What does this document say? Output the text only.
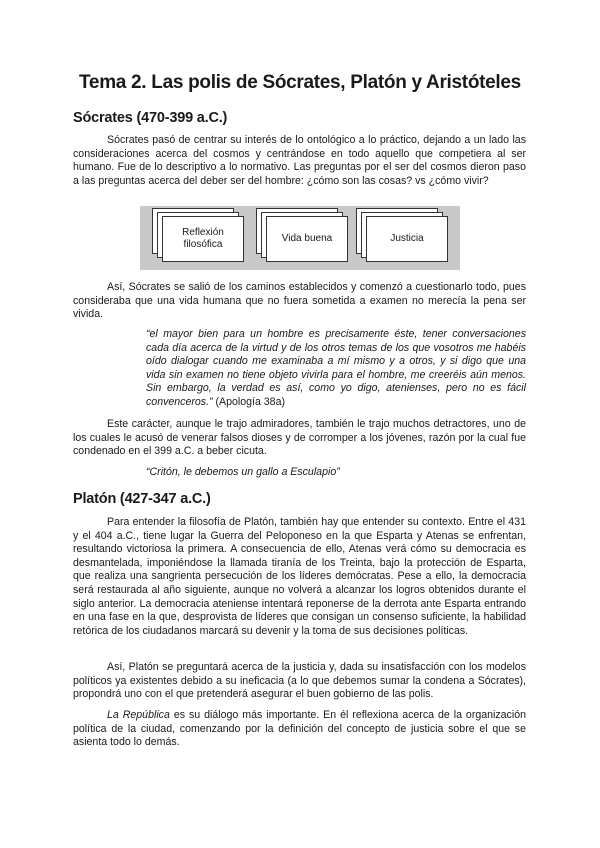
Tema 2. Las polis de Sócrates, Platón y Aristóteles
Sócrates (470-399 a.C.)

Sócrates pasó de centrar su interés de lo ontológico a lo práctico, dejando a un lado las consideraciones acerca del cosmos y centrándose en todo aquello que competiera al ser humano. Fue de lo descriptivo a lo normativo. Las preguntas por el ser del cosmos dieron paso a las preguntas acerca del deber ser del hombre: ¿cómo son las cosas? vs ¿cómo vivir?

Reflexión filosófica
Vida buena	Justicia

Así, Sócrates se salió de los caminos establecidos y comenzó a cuestionarlo todo, pues consideraba que una vida humana que no fuera sometida a examen no merecía la pena ser vivida.

“el mayor bien para un hombre es precisamente éste, tener conversaciones cada día acerca de la virtud y de los otros temas de los que vosotros me habéis oído dialogar cuando me examinaba a mí mismo y a otros, y si digo que una vida sin examen no tiene objeto vivirla para el hombre, me creeréis aún menos. Sin embargo, la verdad es así, como yo digo, atenienses, pero no es fácil convenceros.” (Apología 38a)

Este carácter, aunque le trajo admiradores, también le trajo muchos detractores, uno de los cuales le acusó de venerar falsos dioses y de corromper a los jóvenes, razón por la cual fue condenado en el 399 a.C. a beber cicuta.

“Critón, le debemos un gallo a Esculapio”
Platón (427-347 a.C.)

Para entender la filosofía de Platón, también hay que entender su contexto. Entre el 431 y el 404 a.C., tiene lugar la Guerra del Peloponeso en la que Esparta y Atenas se enfrentan, resultando victoriosa la primera. A consecuencia de ello, Atenas verá cómo su democracia es desmantelada, imponiéndose la llamada tiranía de los Treinta, bajo la protección de Esparta, que realiza una sangrienta persecución de los líderes demócratas. Pese a ello, la democracia será restaurada al año siguiente, aunque no volverá a alcanzar los logros obtenidos durante el siglo anterior. La democracia ateniense intentará reponerse de la derrota ante Esparta entrando en una fase en la que, desprovista de líderes que consigan un consenso suficiente, la habilidad retórica de los ciudadanos marcará su devenir y la toma de sus decisiones políticas.

Así, Platón se preguntará acerca de la justicia y, dada su insatisfacción con los modelos políticos ya existentes debido a su ineficacia (a lo que debemos sumar la condena a Sócrates), propondrá uno con el que pretenderá asegurar el buen gobierno de las polis.

La República es su diálogo más importante. En él reflexiona acerca de la organización política de la ciudad, comenzando por la definición del concepto de justicia sobre el que se asienta todo lo demás.
